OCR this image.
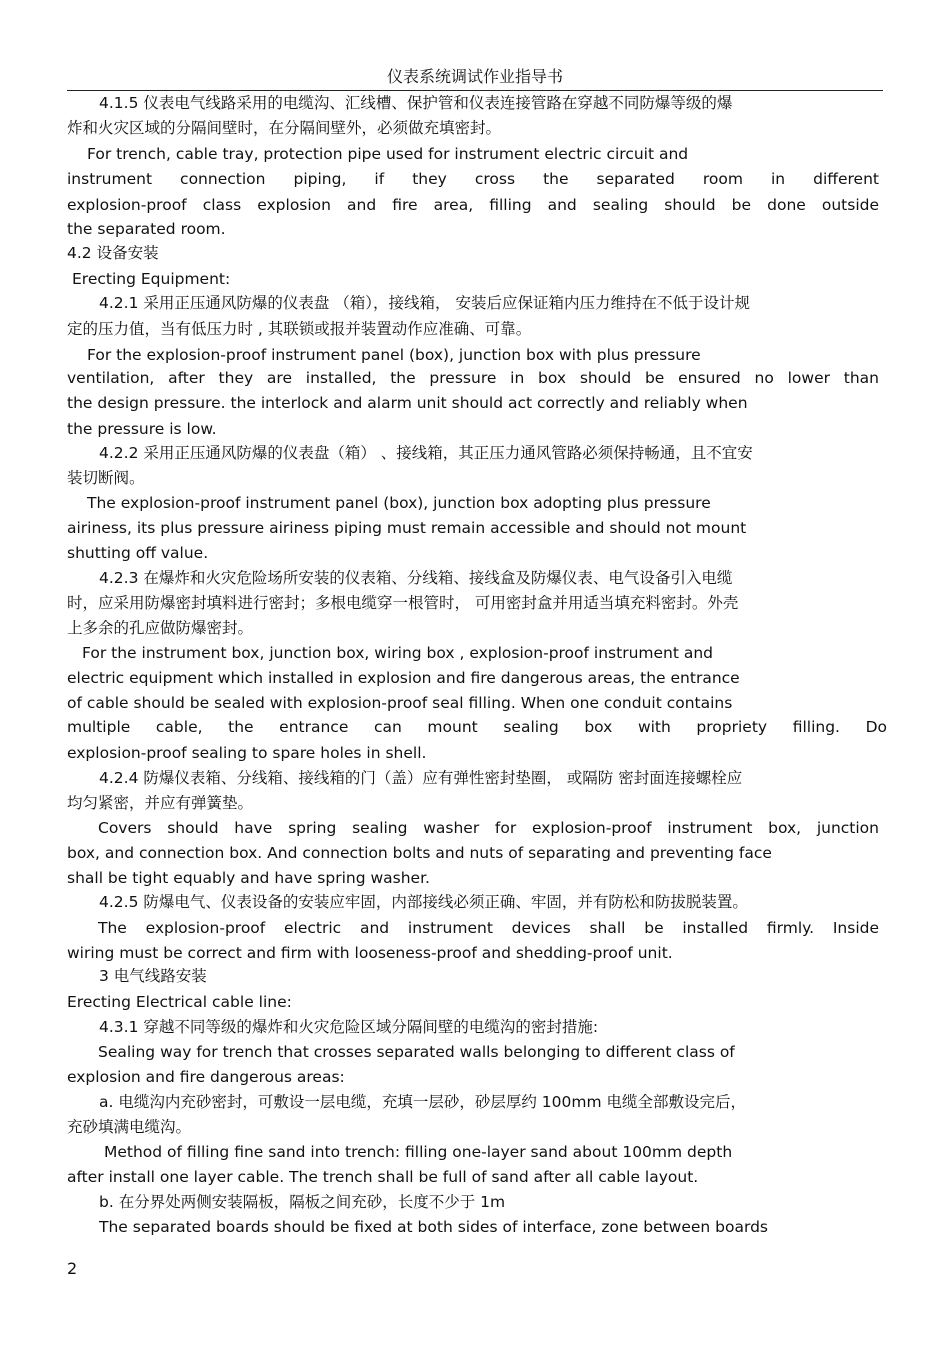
仪表系统调试作业指导书
4.1.5 仪表电气线路采用的电缆沟、汇线槽、保护管和仪表连接管路在穿越不同防爆等级的爆
炸和火灾区域的分隔间壁时，在分隔间壁外，必须做充填密封。
For trench, cable tray, protection pipe used for instrument electric circuit and
instrument connection piping, if they cross the separated room in different
explosion-proof class explosion and fire area, filling and sealing should be done outside
the separated room.
4.2 设备安装
Erecting Equipment:
4.2.1 采用正压通风防爆的仪表盘 （箱），接线箱， 安装后应保证箱内压力维持在不低于设计规
定的压力值，当有低压力时 , 其联锁或报并装置动作应准确、可靠。
For the explosion-proof instrument panel (box), junction box with plus pressure
ventilation, after they are installed, the pressure in box should be ensured no lower than
the design pressure. the interlock and alarm unit should act correctly and reliably when
the pressure is low.
4.2.2 采用正压通风防爆的仪表盘（箱） 、接线箱，其正压力通风管路必须保持畅通，且不宜安
装切断阀。
The explosion-proof instrument panel (box), junction box adopting plus pressure
airiness, its plus pressure airiness piping must remain accessible and should not mount
shutting off value.
4.2.3 在爆炸和火灾危险场所安装的仪表箱、分线箱、接线盒及防爆仪表、电气设备引入电缆
时，应采用防爆密封填料进行密封；多根电缆穿一根管时， 可用密封盒并用适当填充料密封。外壳
上多余的孔应做防爆密封。
For the instrument box, junction box, wiring box , explosion-proof instrument and
electric equipment which installed in explosion and fire dangerous areas, the entrance
of cable should be sealed with explosion-proof seal filling. When one conduit contains
multiple cable, the entrance can mount sealing box with propriety filling. Do
explosion-proof sealing to spare holes in shell.
4.2.4 防爆仪表箱、分线箱、接线箱的门（盖）应有弹性密封垫圈， 或隔防 密封面连接螺栓应
均匀紧密，并应有弹簧垫。
Covers should have spring sealing washer for explosion-proof instrument box, junction
box, and connection box. And connection bolts and nuts of separating and preventing face
shall be tight equably and have spring washer.
4.2.5 防爆电气、仪表设备的安装应牢固，内部接线必须正确、牢固，并有防松和防拔脱装置。
The explosion-proof electric and instrument devices shall be installed firmly. Inside
wiring must be correct and firm with looseness-proof and shedding-proof unit.
3 电气线路安装
Erecting Electrical cable line:
4.3.1 穿越不同等级的爆炸和火灾危险区域分隔间壁的电缆沟的密封措施:
Sealing way for trench that crosses separated walls belonging to different class of
explosion and fire dangerous areas:
a. 电缆沟内充砂密封，可敷设一层电缆，充填一层砂，砂层厚约 100mm 电缆全部敷设完后，
充砂填满电缆沟。
Method of filling fine sand into trench: filling one-layer sand about 100mm depth
after install one layer cable. The trench shall be full of sand after all cable layout.
b. 在分界处两侧安装隔板，隔板之间充砂，长度不少于 1m
The separated boards should be fixed at both sides of interface, zone between boards
2
